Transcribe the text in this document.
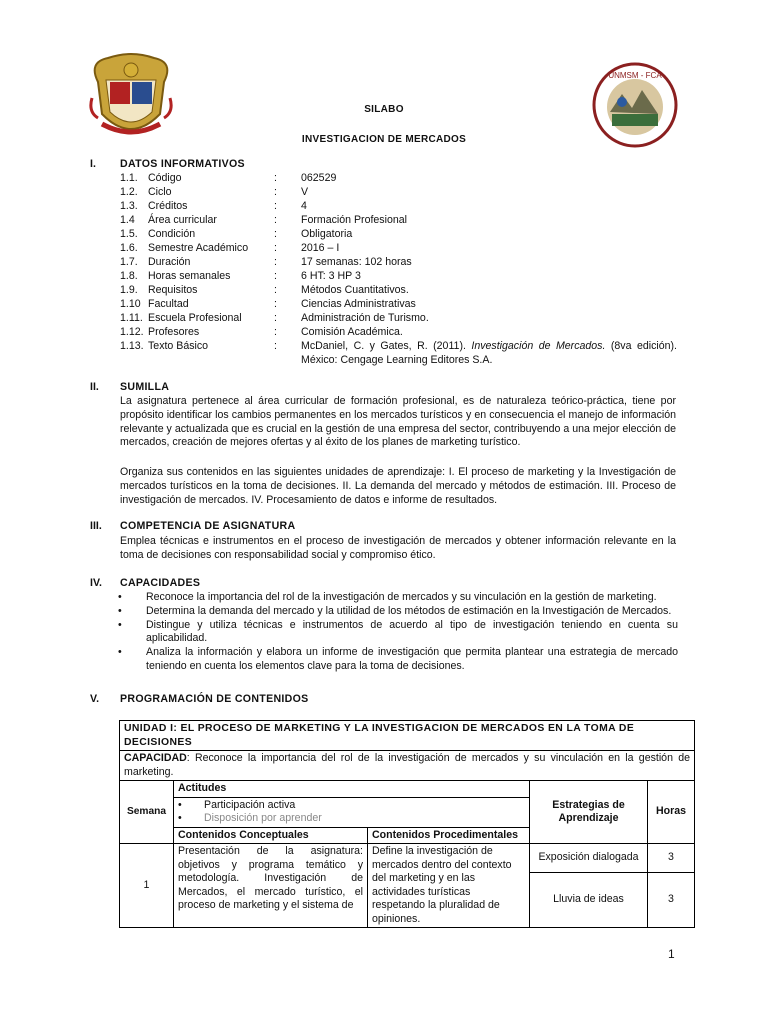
UNMSM - FCA
SILABO
INVESTIGACION DE MERCADOS
I. DATOS INFORMATIVOS
1.1. Código	: 062529
1.2. Ciclo	: V
1.3. Créditos	: 4
1.4 Área curricular	: Formación Profesional
1.5. Condición	: Obligatoria
1.6. Semestre Académico : 2016 – I
1.7. Duración	: 17 semanas: 102 horas
1.8. Horas semanales	: 6 HT: 3 HP 3
1.9. Requisitos	: Métodos Cuantitativos.
1.10 Facultad	: Ciencias Administrativas
1.11. Escuela Profesional	: Administración de Turismo.
1.12. Profesores	: Comisión Académica.
1.13. Texto Básico	: McDaniel, C. y Gates, R. (2011). Investigación de Mercados. (8va edición). México: Cengage Learning Editores S.A.
II. SUMILLA
La asignatura pertenece al área curricular de formación profesional, es de naturaleza teórico-práctica, tiene por propósito identificar los cambios permanentes en los mercados turísticos y en consecuencia el manejo de información relevante y actualizada que es crucial en la gestión de una empresa del sector, contribuyendo a una mejor elección de mercados, creación de mejores ofertas y al éxito de los planes de marketing turístico.
Organiza sus contenidos en las siguientes unidades de aprendizaje: I. El proceso de marketing y la Investigación de mercados turísticos en la toma de decisiones. II. La demanda del mercado y métodos de estimación. III. Proceso de investigación de mercados. IV. Procesamiento de datos e informe de resultados.
III. COMPETENCIA DE ASIGNATURA
Emplea técnicas e instrumentos en el proceso de investigación de mercados y obtener información relevante en la toma de decisiones con responsabilidad social y compromiso ético.
IV. CAPACIDADES
• Reconoce la importancia del rol de la investigación de mercados y su vinculación en la gestión de marketing.
• Determina la demanda del mercado y la utilidad de los métodos de estimación en la Investigación de Mercados.
• Distingue y utiliza técnicas e instrumentos de acuerdo al tipo de investigación teniendo en cuenta su aplicabilidad.
• Analiza la información y elabora un informe de investigación que permita plantear una estrategia de mercado teniendo en cuenta los elementos clave para la toma de decisiones.
V. PROGRAMACIÓN DE CONTENIDOS
UNIDAD I: EL PROCESO DE MARKETING Y LA INVESTIGACION DE MERCADOS EN LA TOMA DE DECISIONES				
CAPACIDAD: Reconoce la importancia del rol de la investigación de mercados y su vinculación en la gestión de marketing.				
Semana	Actitudes		Estrategias de Aprendizaje	Horas

	• Participación activa
• Disposición por aprender			

	Contenidos Conceptuales	Contenidos Procedimentales		
1	Presentación de la asignatura: objetivos y programa temático y metodología. Investigación de Mercados, el mercado turístico, el proceso de marketing y el sistema de	Define la investigación de mercados dentro del contexto del marketing y en las actividades turísticas respetando la pluralidad de opiniones.	Exposición dialogada	3
			Lluvia de ideas	3
1
